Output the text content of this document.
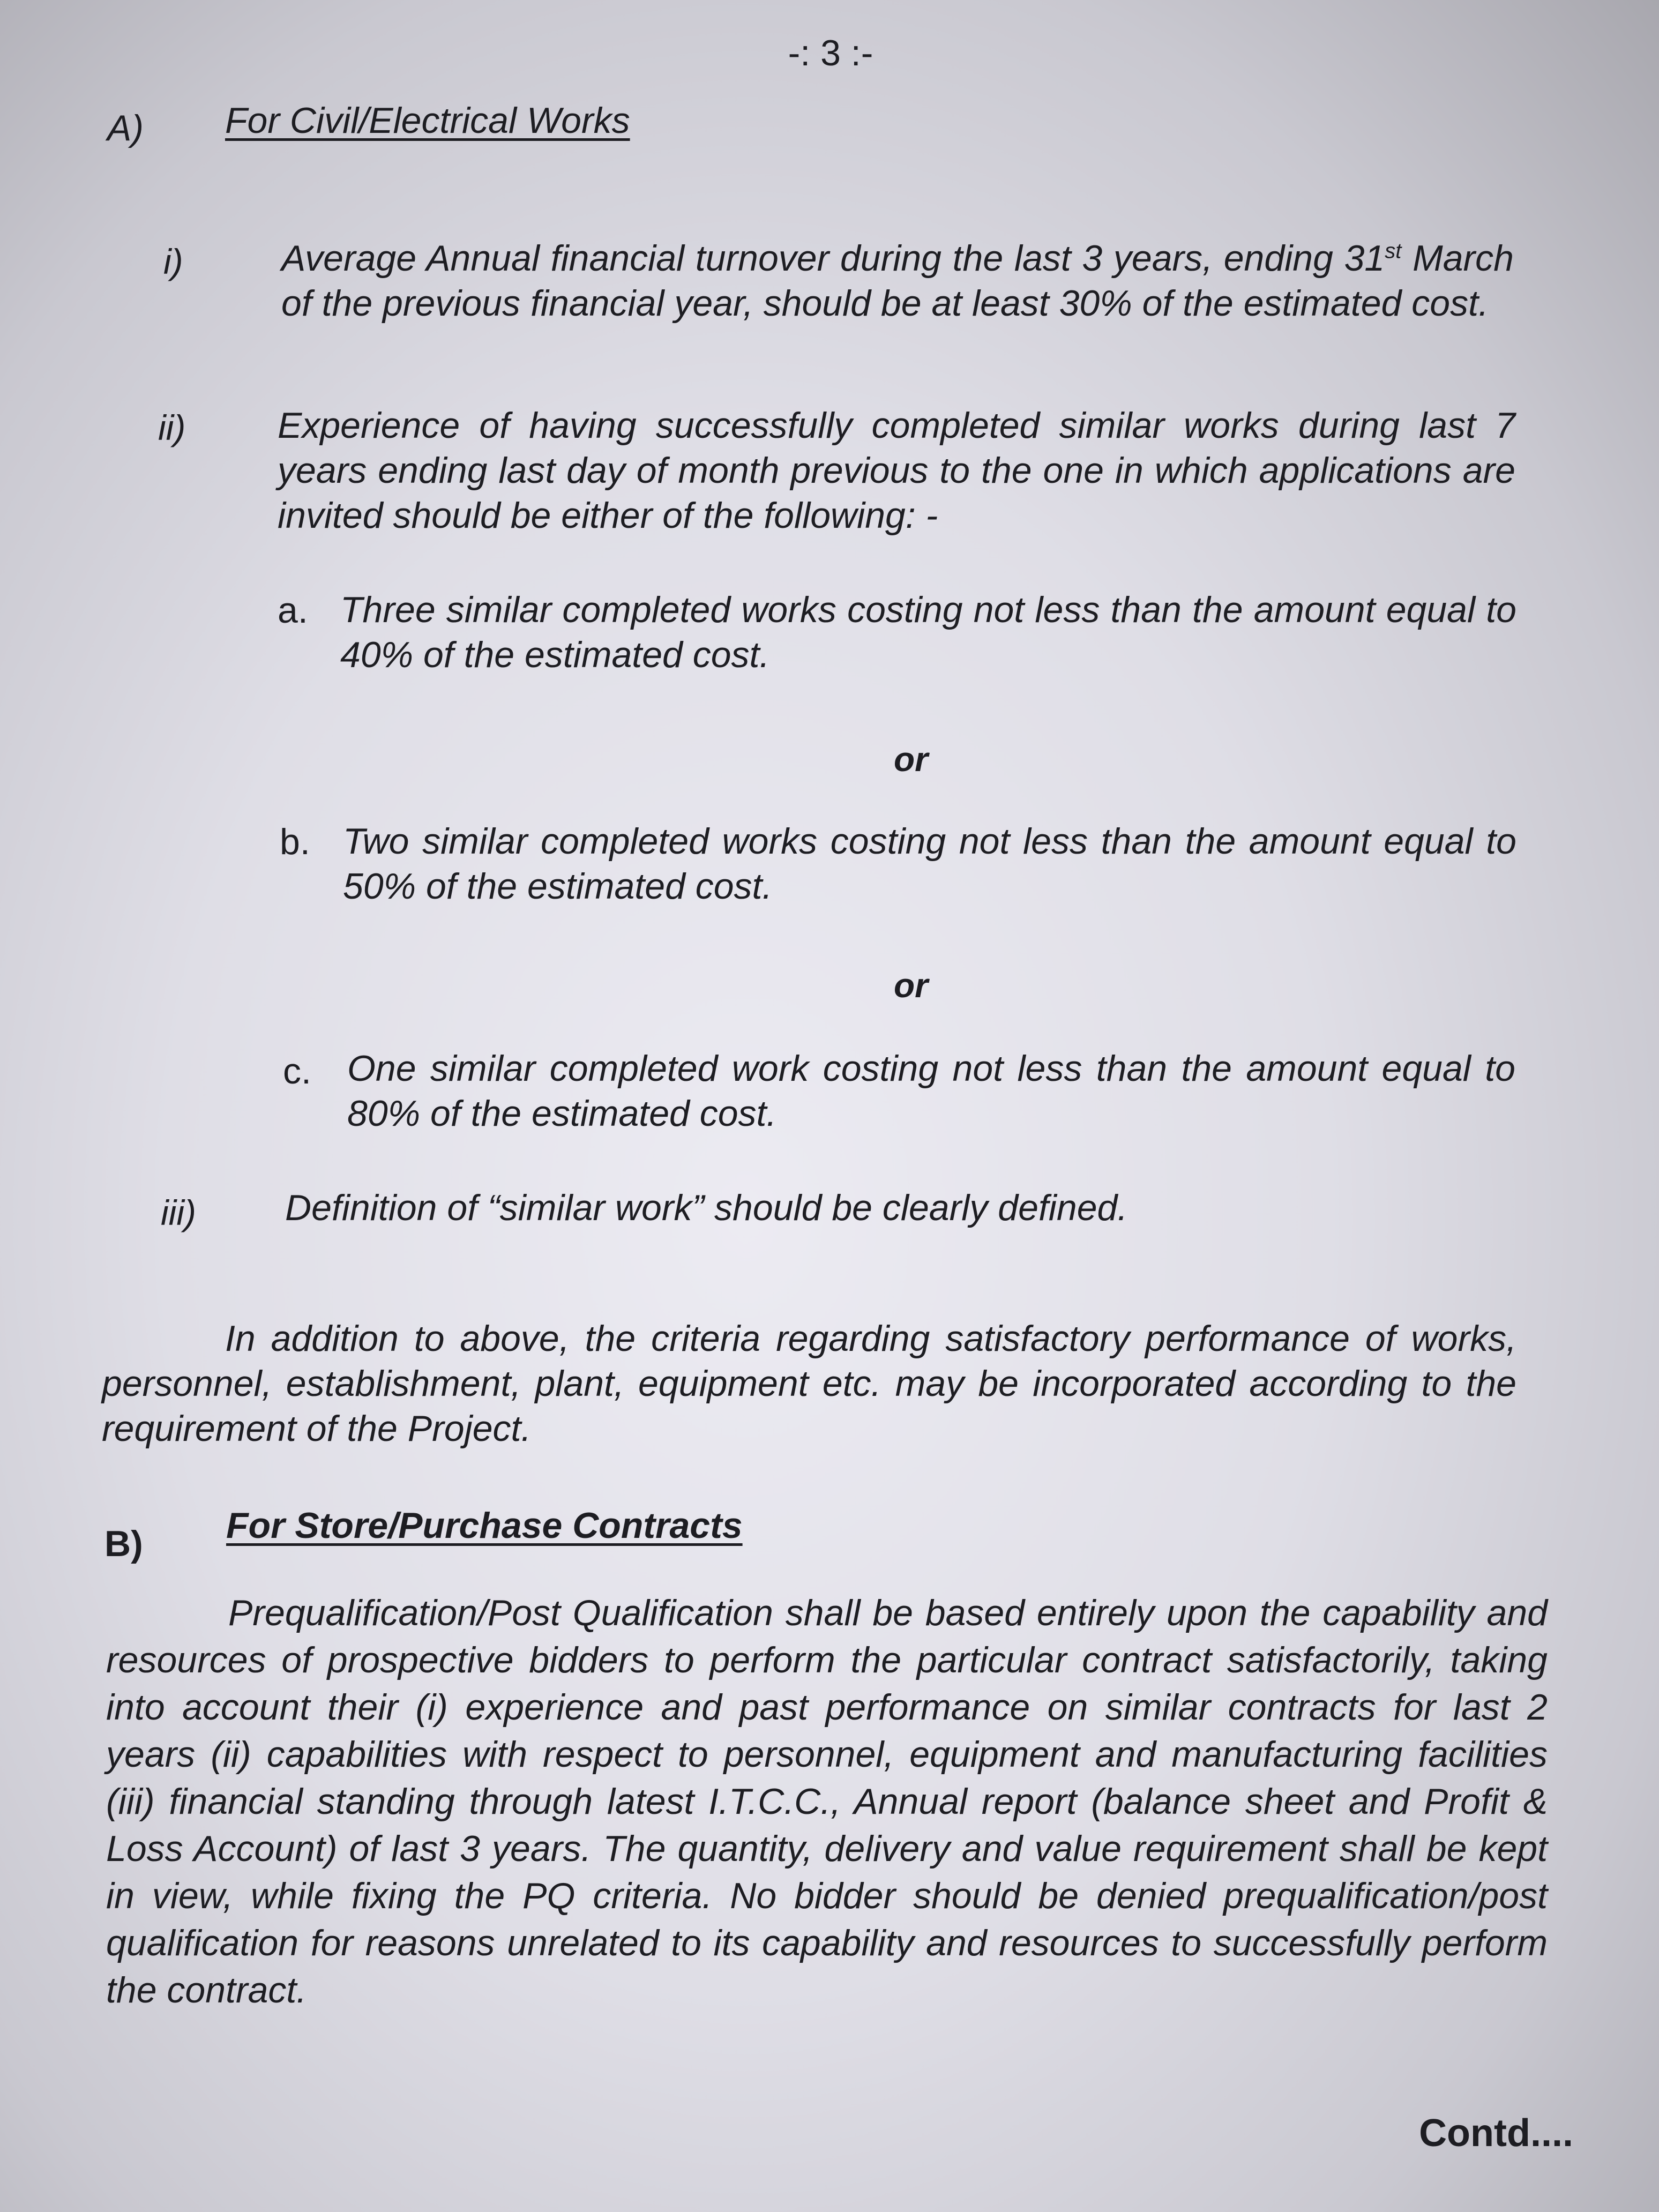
-: 3 :-
A) For Civil/Electrical Works
i)	Average Annual financial turnover during the last 3 years, ending 31st March of the previous financial year, should be at least 30% of the estimated cost.
ii)	Experience of having successfully completed similar works during last 7 years ending last day of month previous to the one in which applications are invited should be either of the following: -
a. Three similar completed works costing not less than the amount equal to 40% of the estimated cost.
or
b. Two similar completed works costing not less than the amount equal to 50% of the estimated cost.
or
c. One similar completed work costing not less than the amount equal to 80% of the estimated cost.
iii) Definition of “similar work” should be clearly defined.
In addition to above, the criteria regarding satisfactory performance of works, personnel, establishment, plant, equipment etc. may be incorporated according to the requirement of the Project.
B) For Store/Purchase Contracts
Prequalification/Post Qualification shall be based entirely upon the capability and resources of prospective bidders to perform the particular contract satisfactorily, taking into account their (i) experience and past performance on similar contracts for last 2 years (ii) capabilities with respect to personnel, equipment and manufacturing facilities (iii) financial standing through latest I.T.C.C., Annual report (balance sheet and Profit & Loss Account) of last 3 years. The quantity, delivery and value requirement shall be kept in view, while fixing the PQ criteria. No bidder should be denied prequalification/post qualification for reasons unrelated to its capability and resources to successfully perform the contract.
Contd....
